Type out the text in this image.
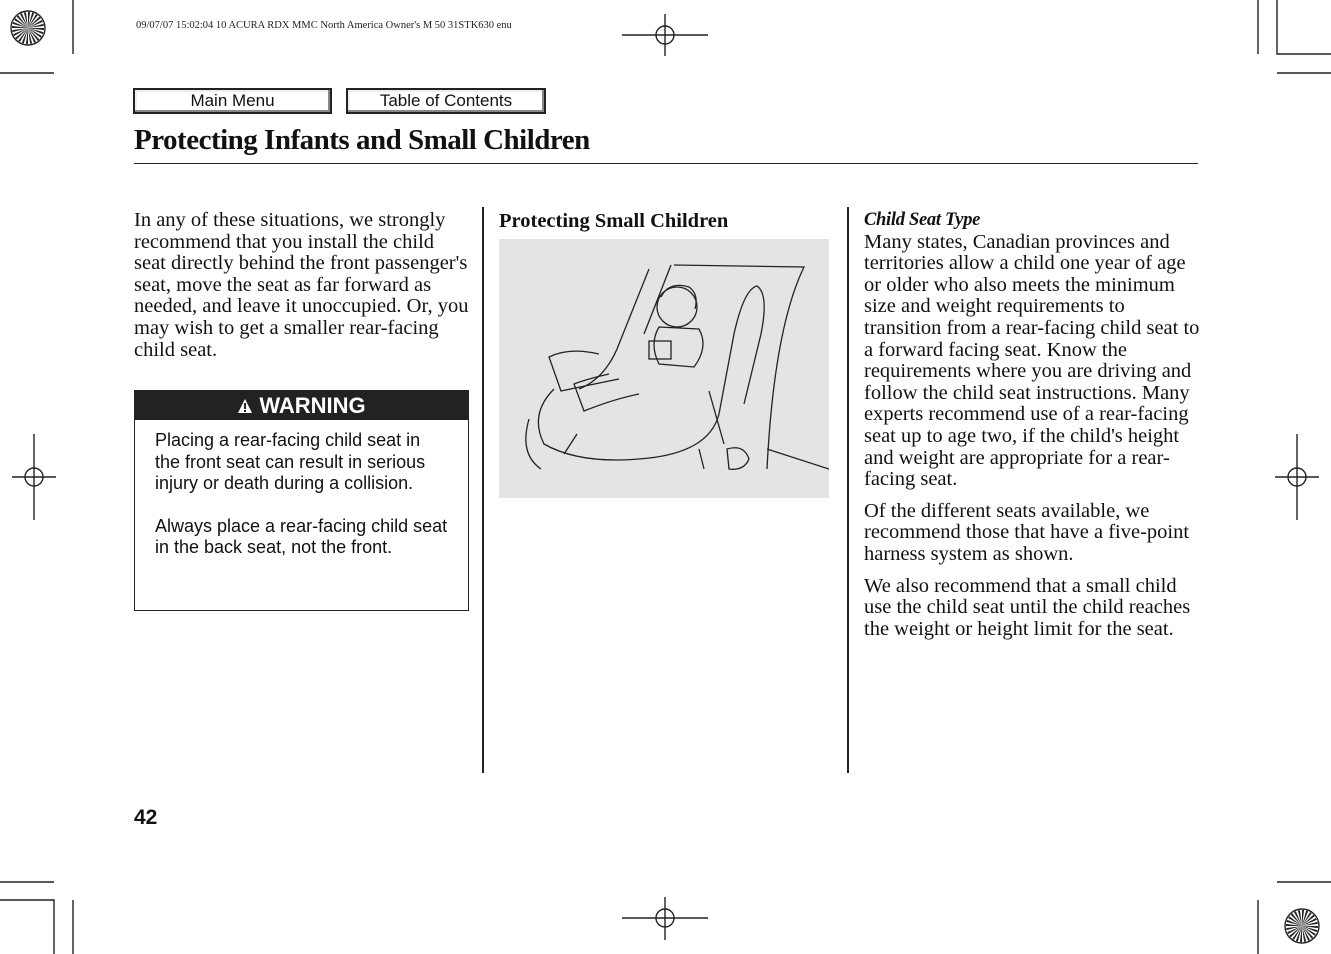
09/07/07 15:02:04 10 ACURA RDX MMC North America Owner's M 50 31STK630 enu
Main Menu	Table of Contents
Protecting Infants and Small Children

In any of these situations, we strongly recommend that you install the child seat directly behind the front passenger's seat, move the seat as far forward as needed, and leave it unoccupied. Or, you may wish to get a smaller rear-facing child seat.

WARNING

Placing a rear-facing child seat in the front seat can result in serious injury or death during a collision.

Always place a rear-facing child seat in the back seat, not the front.

Protecting Small Children	Child Seat Type

Many states, Canadian provinces and territories allow a child one year of age or older who also meets the minimum size and weight requirements to transition from a rear-facing child seat to a forward facing seat. Know the requirements where you are driving and follow the child seat instructions. Many experts recommend use of a rear-facing seat up to age two, if the child's height and weight are appropriate for a rear-facing seat.

Of the different seats available, we recommend those that have a five-point harness system as shown.

We also recommend that a small child use the child seat until the child reaches the weight or height limit for the seat.

42
